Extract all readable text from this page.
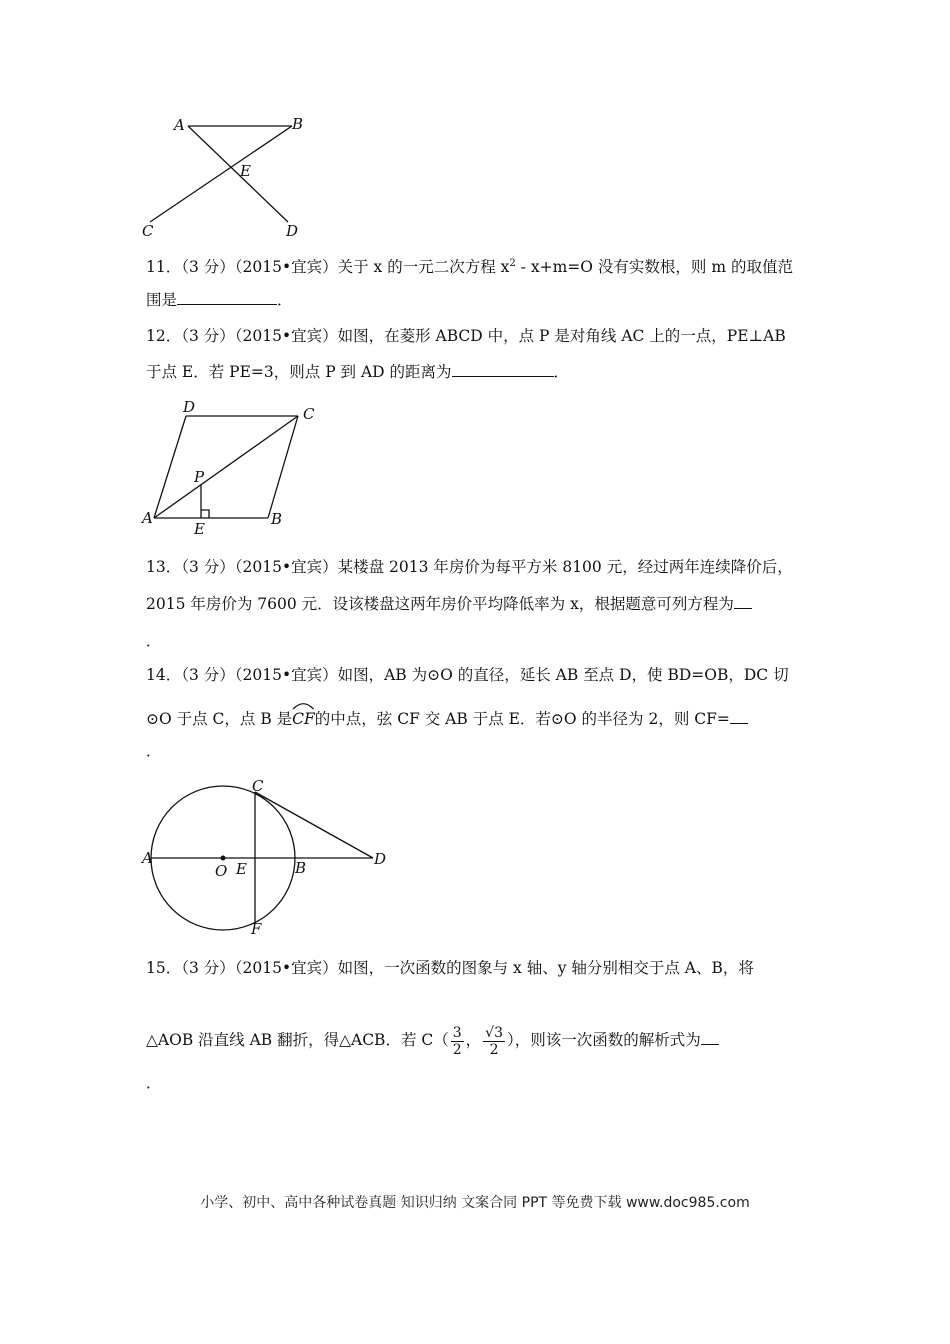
A	B
E
C	D
11．（3 分）（2015•宜宾）关于 x 的一元二次方程 $x^2 - x+m=O$ 没有实数根，则 m 的取值范
围是	．
12．（3 分）（2015•宜宾）如图，在菱形 ABCD 中，点 P 是对角线 AC 上的一点，PE⊥AB
于点 E．若 PE=3，则点 P 到 AD 的距离为	．
D	C
P
A
E
B
13．（3 分）（2015•宜宾）某楼盘 2013 年房价为每平方米 8100 元，经过两年连续降价后，
2015 年房价为 7600 元．设该楼盘这两年房价平均降低率为 x，根据题意可列方程为
．
14．（3 分）（2015•宜宾）如图，AB 为⊙O 的直径，延长 AB 至点 D，使 BD=OB，DC 切
⊙O 于点 C，点 B 是
CF的中点，弦 CF 交 AB 于点 E．若⊙O 的半径为 2，则 CF=
．
A
O E	B
C
D
F
15．（3 分）（2015•宜宾）如图，一次函数的图象与 x 轴、y 轴分别相交于点 A、B，将
△AOB 沿直线 AB 翻折，得△ACB．若 $C( \frac{3}{2}$ ， $\frac{√3}{2}$ ），则该一次函数的解析式为
．
小学、初中、高中各种试卷真题 知识归纳 文案合同 PPT 等免费下载 www.doc985.com
